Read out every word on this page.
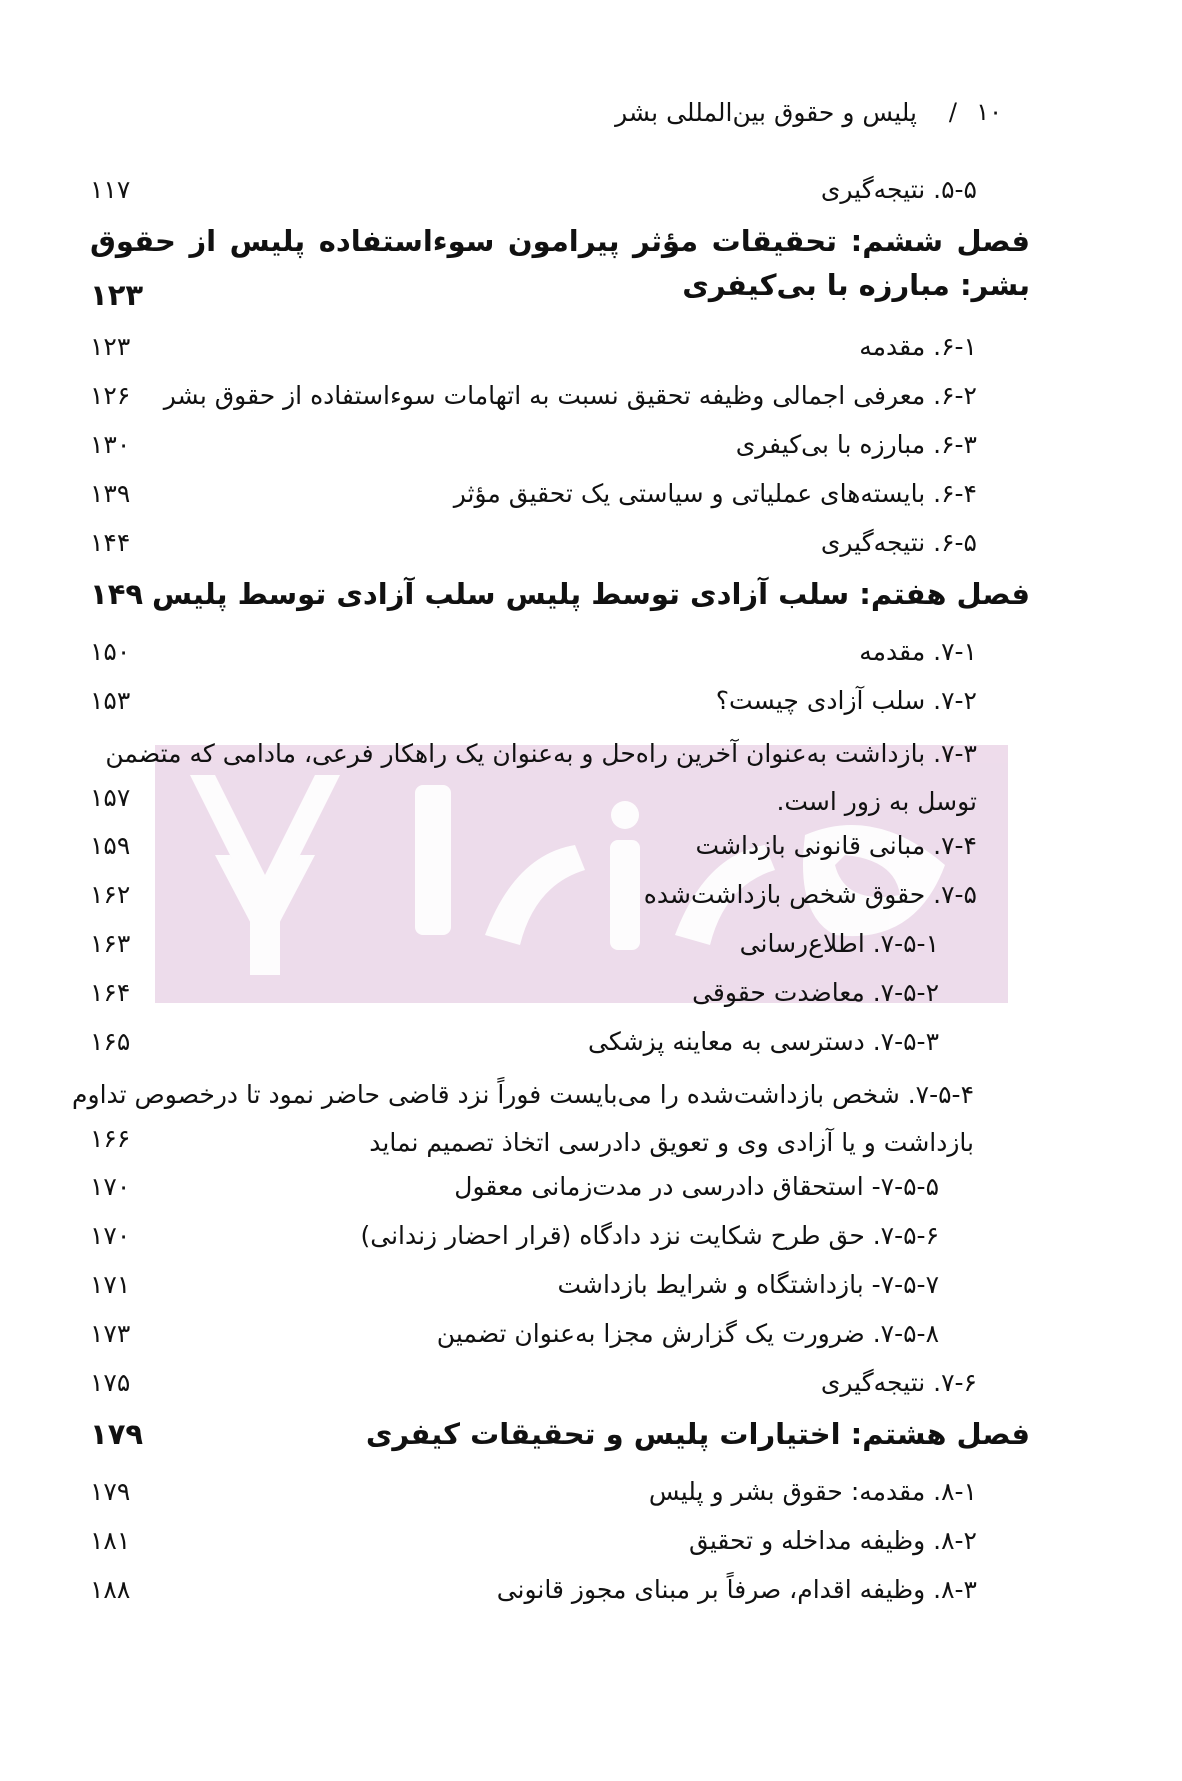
۱۰
/
پلیس و حقوق بین‌المللی بشر
۵-۵. نتیجه‌گیری
۱۱۷
فصل ششم: تحقیقات مؤثر پیرامون سوءاستفاده پلیس از حقوق بشر: مبارزه با بی‌کیفری
۱۲۳
۶-۱. مقدمه
۱۲۳
۶-۲. معرفی اجمالی وظیفه تحقیق نسبت به اتهامات سوءاستفاده از حقوق بشر
۱۲۶
۶-۳. مبارزه با بی‌کیفری
۱۳۰
۶-۴. بایسته‌های عملیاتی و سیاستی یک تحقیق مؤثر
۱۳۹
۶-۵. نتیجه‌گیری
۱۴۴
فصل هفتم: سلب آزادی توسط پلیس سلب آزادی توسط پلیس
۱۴۹
۷-۱. مقدمه
۱۵۰
۷-۲. سلب آزادی چیست؟
۱۵۳
۷-۳. بازداشت به‌عنوان آخرین راه‌حل و به‌عنوان یک راهکار فرعی، مادامی که متضمن توسل به زور است.
۱۵۷
۷-۴. مبانی قانونی بازداشت
۱۵۹
۷-۵. حقوق شخص بازداشت‌شده
۱۶۲
۷-۵-۱. اطلاع‌رسانی
۱۶۳
۷-۵-۲. معاضدت حقوقی
۱۶۴
۷-۵-۳. دسترسی به معاینه پزشکی
۱۶۵
۷-۵-۴. شخص بازداشت‌شده را می‌بایست فوراً نزد قاضی حاضر نمود تا درخصوص تداوم بازداشت و یا آزادی وی و تعویق دادرسی اتخاذ تصمیم نماید
۱۶۶
۷-۵-۵- استحقاق دادرسی در مدت‌زمانی معقول
۱۷۰
۷-۵-۶. حق طرح شکایت نزد دادگاه (قرار احضار زندانی)
۱۷۰
۷-۵-۷- بازداشتگاه و شرایط بازداشت
۱۷۱
۷-۵-۸. ضرورت یک گزارش مجزا به‌عنوان تضمین
۱۷۳
۷-۶. نتیجه‌گیری
۱۷۵
فصل هشتم: اختیارات پلیس و تحقیقات کیفری
۱۷۹
۸-۱. مقدمه: حقوق بشر و پلیس
۱۷۹
۸-۲. وظیفه مداخله و تحقیق
۱۸۱
۸-۳. وظیفه اقدام، صرفاً بر مبنای مجوز قانونی
۱۸۸
